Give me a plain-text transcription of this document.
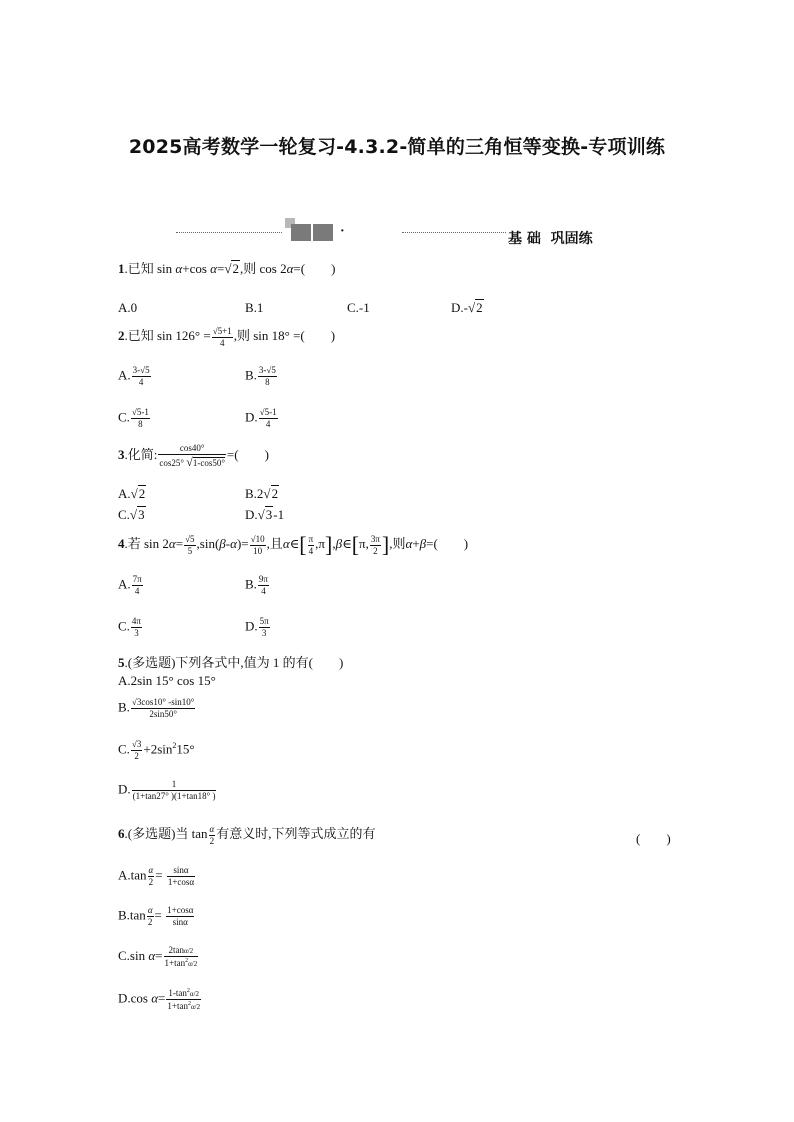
2025高考数学一轮复习-4.3.2-简单的三角恒等变换-专项训练
·	基 础  巩固练
1.已知 sin α+cos α=√2,则 cos 2α=(　　)
A.0	B.1	C.-1	D.-√2
2.已知 $\sin 126^\circ = \frac{√5+1}{4}$ ,则 sin 18° =(　　)
A. $\frac{3-√5}{4}$	B. $\frac{3-√5}{8}$
C. $\frac{√5-1}{8}$	D. $\frac{√5-1}{4}$
3.化简: $\frac{\cos 40^\circ}{\cos 25^\circ √1-\cos 50^\circ}$ =(　　)
A.√2	B.2√2
C.√3	D.√3-1
4.若 $\sin 2\alpha= \frac{√5}{5} ,\sin(\beta-\alpha)= \frac{√10}{10}$ ,且α∈[ $\frac{\pi}{4}$ ,π],β∈[π, $\frac{3\pi}{2}$ ],则α+β=(　　)
A. $\frac{7\pi}{4}$	B. $\frac{9\pi}{4}$
C. $\frac{4\pi}{3}$	D. $\frac{5\pi}{3}$
5.(多选题)下列各式中,值为 1 的有(　　)
A.2sin 15° cos 15°
B. $\frac{√3\cos 10^\circ -\sin 10^\circ}{2\sin 50^\circ}$
C. $\frac{√3}{2} +2\sin^215^\circ$
D. $\frac{1}{(1+\tan 27^\circ )(1+\tan 18^\circ )}$
6.(多选题)当 $\tan \frac{\alpha}{2}$ 有意义时,下列等式成立的有	(　　)
$A.\tan \frac{\alpha}{2} = \frac{\sin\alpha}{1+\cos\alpha}$
$B.\tan \frac{\alpha}{2} = \frac{1+\cos\alpha}{\sin\alpha}$
C.sin $\alpha= \frac{2\tan\alpha/2}{1+\tan^2\alpha/2}$
D.cos $\alpha= \frac{1-\tan^2\alpha/2}{1+\tan^2\alpha/2}$
